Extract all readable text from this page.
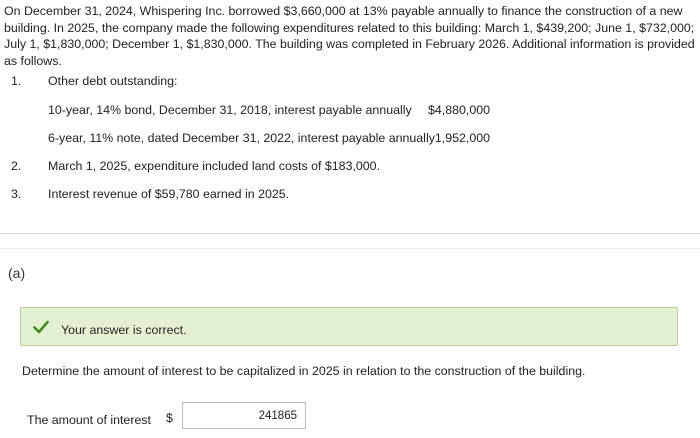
On December 31, 2024, Whispering Inc. borrowed $3,660,000 at 13% payable annually to finance the construction of a new building. In 2025, the company made the following expenditures related to this building: March 1, $439,200; June 1, $732,000; July 1, $1,830,000; December 1, $1,830,000. The building was completed in February 2026. Additional information is provided as follows.
1. Other debt outstanding:
10-year, 14% bond, December 31, 2018, interest payable annually	$4,880,000
6-year, 11% note, dated December 31, 2022, interest payable annually 1,952,000
2. March 1, 2025, expenditure included land costs of $183,000.
3. Interest revenue of $59,780 earned in 2025.
(a)
Your answer is correct.
Determine the amount of interest to be capitalized in 2025 in relation to the construction of the building.
The amount of interest $
241865
